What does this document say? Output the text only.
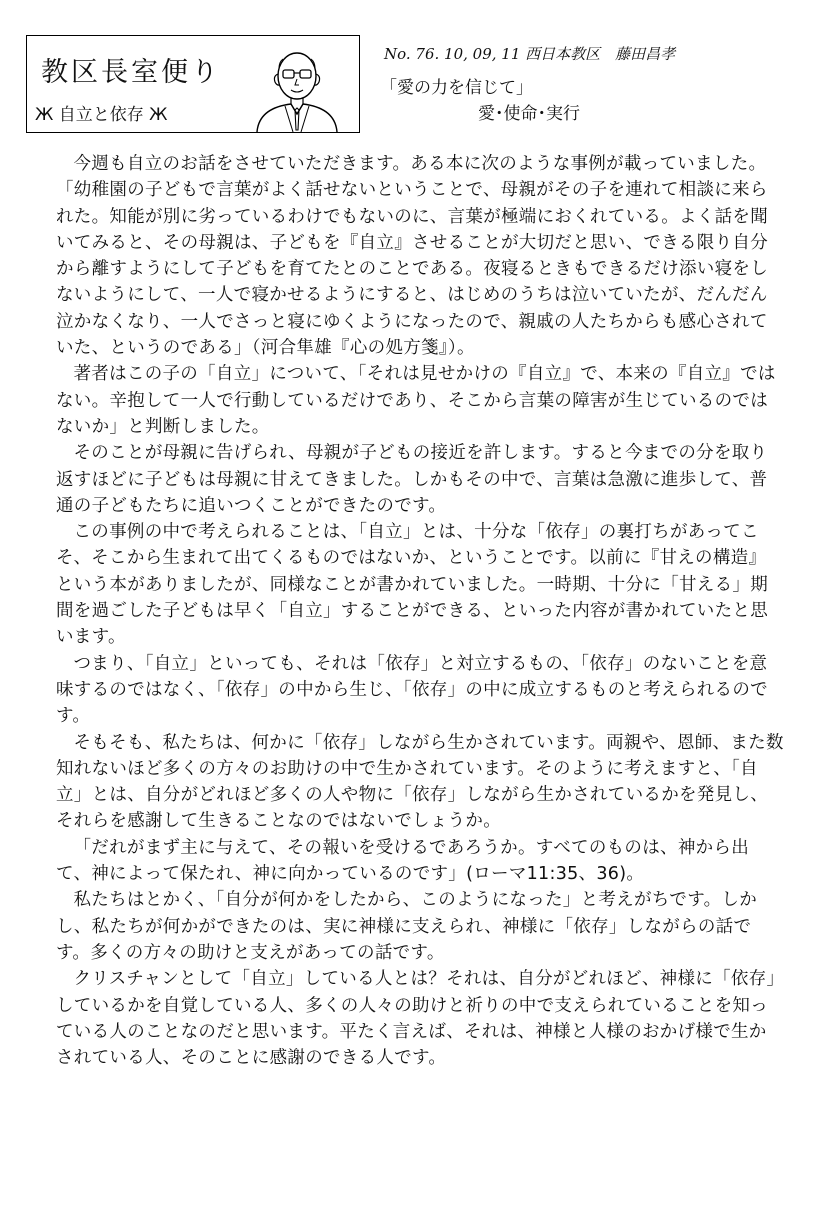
教区長室便り
Ж 自立と依存 Ж
No. 76. 10, 09, 11 西日本教区　藤田昌孝
「愛の力を信じて」
愛･使命･実行

今週も自立のお話をさせていただきます。ある本に次のような事例が載っていました。

「幼稚園の子どもで言葉がよく話せないということで、母親がその子を連れて相談に来られた。知能が別に劣っているわけでもないのに、言葉が極端におくれている。よく話を聞いてみると、その母親は、子どもを『自立』させることが大切だと思い、できる限り自分から離すようにして子どもを育てたとのことである。夜寝るときもできるだけ添い寝をしないようにして、一人で寝かせるようにすると、はじめのうちは泣いていたが、だんだん泣かなくなり、一人でさっと寝にゆくようになったので、親戚の人たちからも感心されていた、というのである」（河合隼雄『心の処方箋』）。

著者はこの子の「自立」について、「それは見せかけの『自立』で、本来の『自立』ではない。辛抱して一人で行動しているだけであり、そこから言葉の障害が生じているのではないか」と判断しました。

そのことが母親に告げられ、母親が子どもの接近を許します。すると今までの分を取り返すほどに子どもは母親に甘えてきました。しかもその中で、言葉は急激に進歩して、普通の子どもたちに追いつくことができたのです。

この事例の中で考えられることは、「自立」とは、十分な「依存」の裏打ちがあってこそ、そこから生まれて出てくるものではないか、ということです。以前に『甘えの構造』という本がありましたが、同様なことが書かれていました。一時期、十分に「甘える」期間を過ごした子どもは早く「自立」することができる、といった内容が書かれていたと思います。

つまり、「自立」といっても、それは「依存」と対立するもの、「依存」のないことを意味するのではなく、「依存」の中から生じ、「依存」の中に成立するものと考えられるのです。

そもそも、私たちは、何かに「依存」しながら生かされています。両親や、恩師、また数知れないほど多くの方々のお助けの中で生かされています。そのように考えますと、「自立」とは、自分がどれほど多くの人や物に「依存」しながら生かされているかを発見し、それらを感謝して生きることなのではないでしょうか。

「だれがまず主に与えて、その報いを受けるであろうか。すべてのものは、神から出て、神によって保たれ、神に向かっているのです」(ローマ11:35、36)。

私たちはとかく、「自分が何かをしたから、このようになった」と考えがちです。しかし、私たちが何かができたのは、実に神様に支えられ、神様に「依存」しながらの話です。多くの方々の助けと支えがあっての話です。

クリスチャンとして「自立」している人とは？それは、自分がどれほど、神様に「依存」しているかを自覚している人、多くの人々の助けと祈りの中で支えられていることを知っている人のことなのだと思います。平たく言えば、それは、神様と人様のおかげ様で生かされている人、そのことに感謝のできる人です。
